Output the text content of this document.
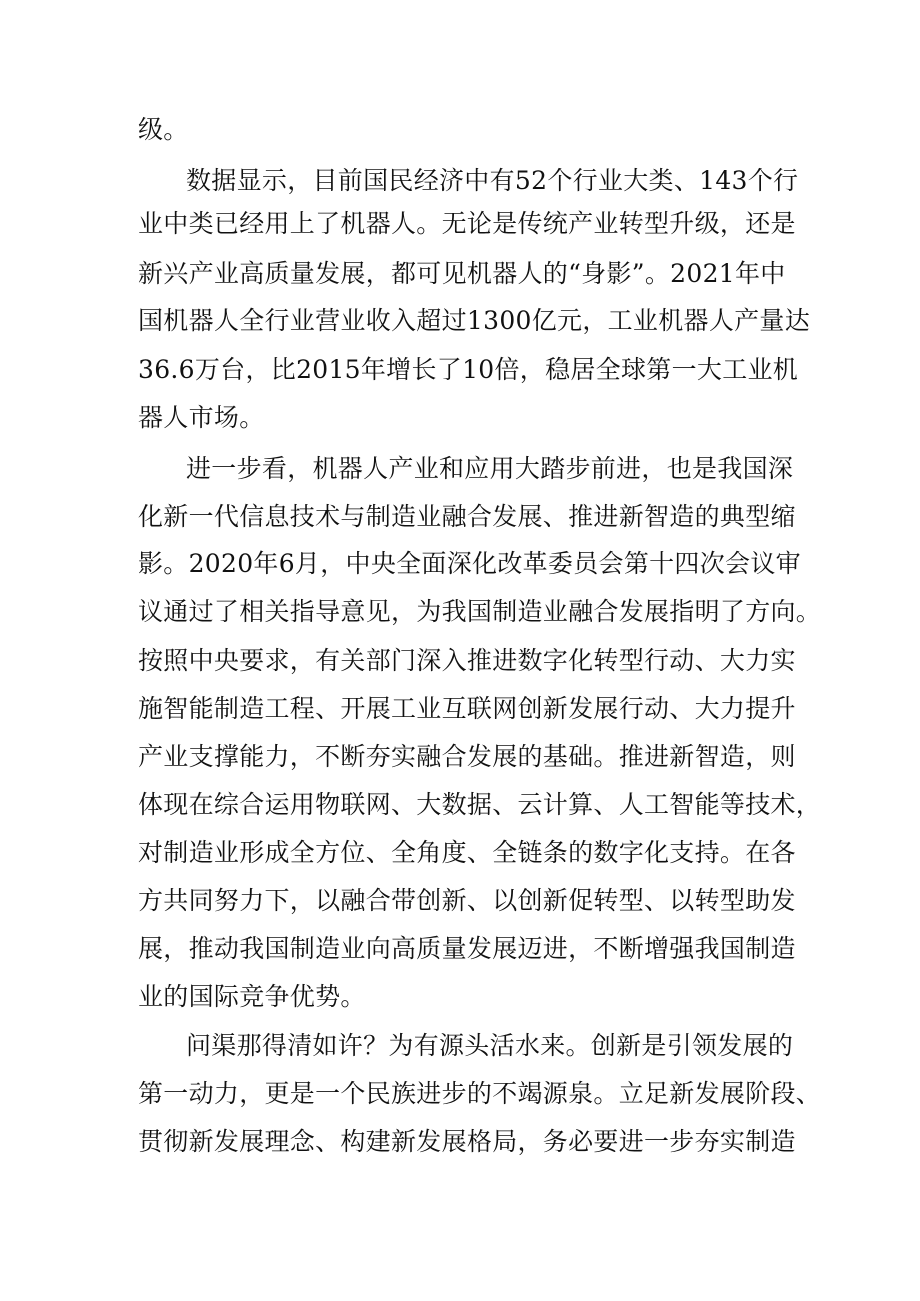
级。
数据显示，目前国民经济中有52个行业大类、143个行
业中类已经用上了机器人。无论是传统产业转型升级，还是
新兴产业高质量发展，都可见机器人的“身影”。2021年中
国机器人全行业营业收入超过1300亿元，工业机器人产量达
36.6万台，比2015年增长了10倍，稳居全球第一大工业机
器人市场。
进一步看，机器人产业和应用大踏步前进，也是我国深
化新一代信息技术与制造业融合发展、推进新智造的典型缩
影。2020年6月，中央全面深化改革委员会第十四次会议审
议通过了相关指导意见，为我国制造业融合发展指明了方向。
按照中央要求，有关部门深入推进数字化转型行动、大力实
施智能制造工程、开展工业互联网创新发展行动、大力提升
产业支撑能力，不断夯实融合发展的基础。推进新智造，则
体现在综合运用物联网、大数据、云计算、人工智能等技术，
对制造业形成全方位、全角度、全链条的数字化支持。在各
方共同努力下，以融合带创新、以创新促转型、以转型助发
展，推动我国制造业向高质量发展迈进，不断增强我国制造
业的国际竞争优势。
问渠那得清如许？为有源头活水来。创新是引领发展的
第一动力，更是一个民族进步的不竭源泉。立足新发展阶段、
贯彻新发展理念、构建新发展格局，务必要进一步夯实制造
